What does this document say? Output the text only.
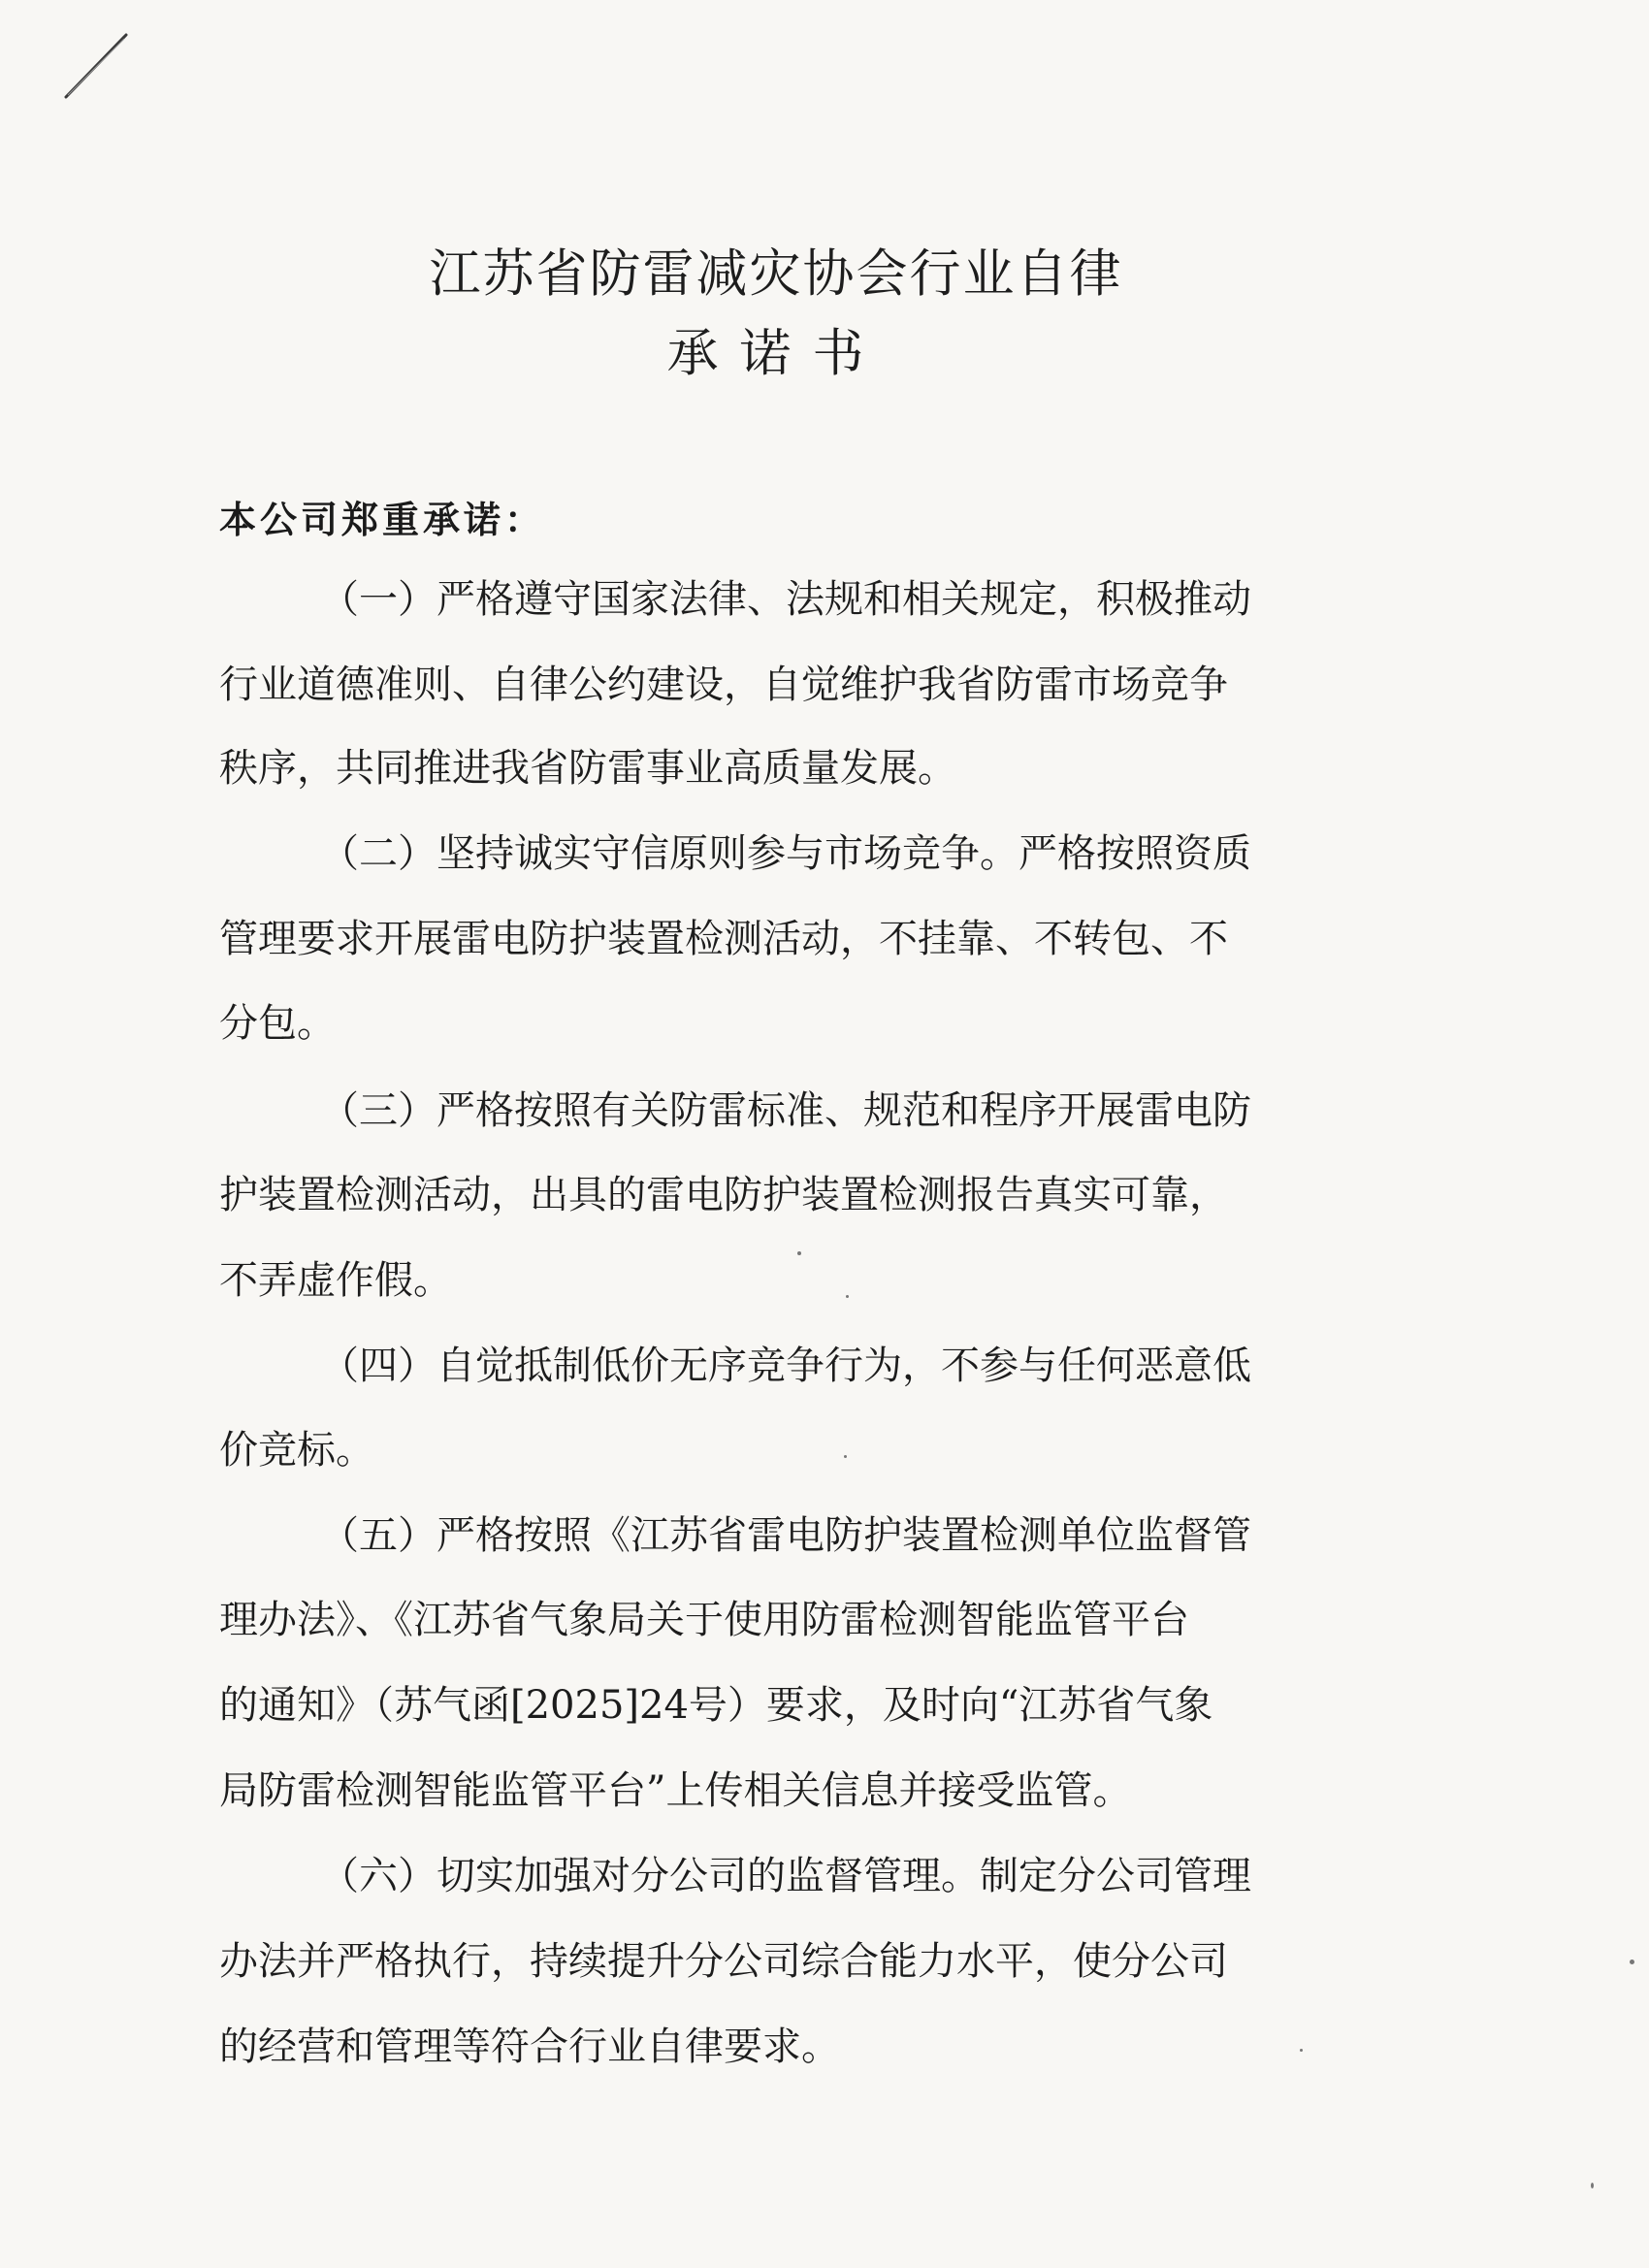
江苏省防雷减灾协会行业自律
承诺书
本公司郑重承诺：
（一）严格遵守国家法律、法规和相关规定，积极推动
行业道德准则、自律公约建设，自觉维护我省防雷市场竞争
秩序，共同推进我省防雷事业高质量发展。
（二）坚持诚实守信原则参与市场竞争。严格按照资质
管理要求开展雷电防护装置检测活动，不挂靠、不转包、不
分包。
（三）严格按照有关防雷标准、规范和程序开展雷电防
护装置检测活动，出具的雷电防护装置检测报告真实可靠，
不弄虚作假。
（四）自觉抵制低价无序竞争行为，不参与任何恶意低
价竞标。
（五）严格按照《江苏省雷电防护装置检测单位监督管
理办法》、《江苏省气象局关于使用防雷检测智能监管平台
的通知》（苏气函[2025]24号）要求，及时向“江苏省气象
局防雷检测智能监管平台”上传相关信息并接受监管。
（六）切实加强对分公司的监督管理。制定分公司管理
办法并严格执行，持续提升分公司综合能力水平，使分公司
的经营和管理等符合行业自律要求。
